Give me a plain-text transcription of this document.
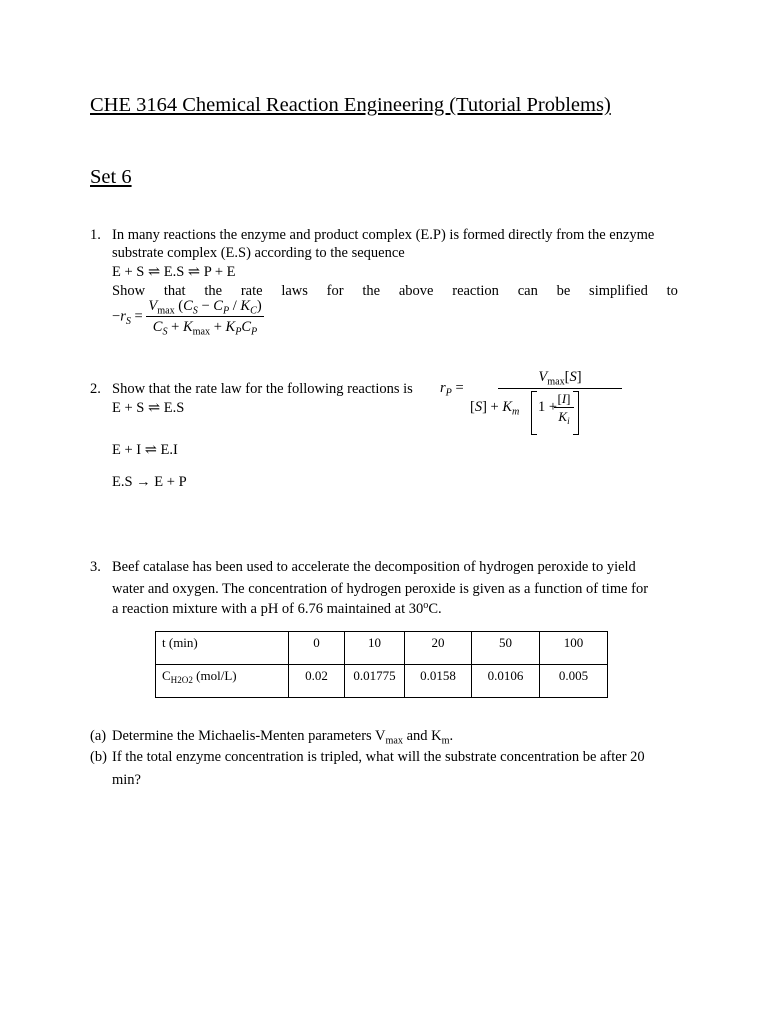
CHE 3164 Chemical Reaction Engineering (Tutorial Problems)
Set 6
1. In many reactions the enzyme and product complex (E.P) is formed directly from the enzyme
substrate complex (E.S) according to the sequence
E + S ⇌ E.S ⇌ P + E
Show that the rate laws for the above reaction can be simplified to
$-r_S = \frac{V_{max} (C_S - C_P / K_C)}{C_S + K_{max} + K_PC_P}$
2. Show that the rate law for the following reactions is
E + S ⇌ E.S
E + I ⇌ E.I
E.S → E + P
$r_P$ =
$V_{max}[S]$
$[S] + K_m$ 1 +
[I]
$K_i$
3. Beef catalase has been used to accelerate the decomposition of hydrogen peroxide to yield
water and oxygen. The concentration of hydrogen peroxide is given as a function of time for
a reaction mixture with a pH of 6.76 maintained at 30$^o$C.
t (min)	0	10	20	50	100
$C_{H2O2}$ (mol/L)	0.02	0.01775	0.0158	0.0106	0.005
(a) Determine the Michaelis-Menten parameters $V_{max}$ and $K_m$.
(b) If the total enzyme concentration is tripled, what will the substrate concentration be after 20
min?
